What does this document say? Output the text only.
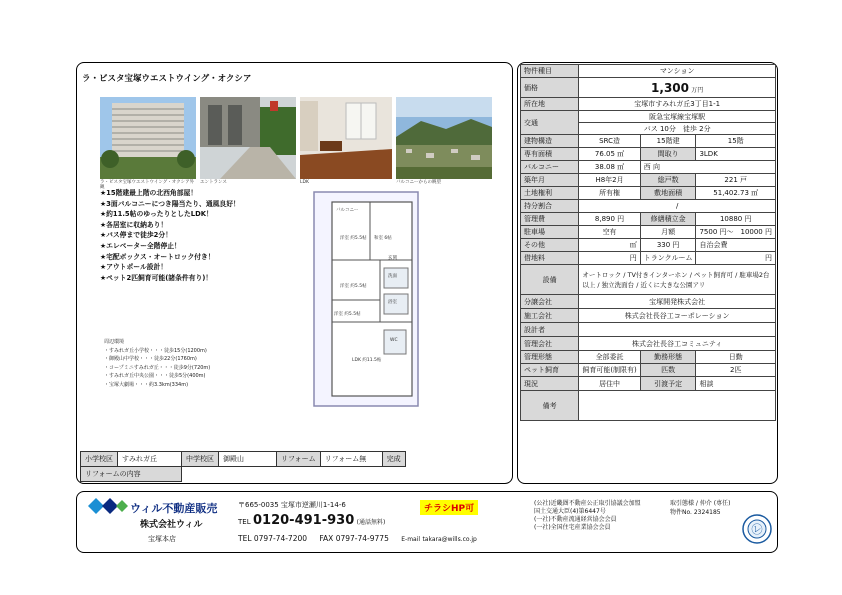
ラ・ビスタ宝塚ウエストウイング・オクシア
ラ・ビスタ宝塚ウエストウイング・オクシア外観
エントランス	LDK	バルコニーからの眺望
★15階建最上階の北西角部屋！
★3面バルコニーにつき陽当たり、通風良好！
★約11.5帖のゆったりとしたLDK！
★各居室に収納あり！
★バス停まで徒歩2分！
★エレベーター全階停止！
★宅配ボックス・オートロック付き！
★アウトポール設計！
★ペット2匹飼育可能(諸条件有り)！
周辺環境
・すみれガ丘小学校・・・徒歩15分(1200m)
・御殿山中学校・・・徒歩22分(1760m)
・コープミニすみれガ丘・・・徒歩9分(720m)
・すみれガ丘中央公園・・・徒歩5分(400m)
・宝塚大劇場・・・約3.3km(334m)
洋室 約5.5帖 和室 6帖
洋室 約5.5帖
LDK 約11.5帖
洋室 約5.5帖
バルコニー
玄関
洗面
浴室
WC
小学校区	すみれガ丘	中学校区	御殿山	リフォーム	リフォーム無	完成
リフォームの内容
物件種目	マンション		
価格	1,300 万円		
所在地	宝塚市すみれガ丘3丁目1-1		
交通	阪急宝塚線宝塚駅		
	バス 10分　 徒歩 2分		
建物構造	SRC造	15階建	15階
専有面積	76.05 ㎡	間取り	3LDK
バルコニー	38.08 ㎡	西 向	
築年月	H8年2月	総戸数	221 戸
土地権利	所有権	敷地面積	51,402.73 ㎡
持分割合	/		
管理費	8,890 円	修繕積立金	10880 円
駐車場	空有	月額	7500 円～　10000 円
その他	㎡	330 円	自治会費
借地料	円	トランクルーム	円
設備	オートロック / TV付きインターホン / ペット飼育可 / 駐車場2台以上 / 独立洗面台 / 近くに大きな公園アリ		
分譲会社	宝塚開発株式会社		
施工会社	株式会社長谷工コーポレーション		
設計者			
管理会社	株式会社長谷工コミュニティ		
管理形態	全部委託	勤務形態	日勤
ペット飼育	飼育可能(制限有)	匹数	2匹
現況	居住中	引渡予定	相談
備考			
ウィル不動産販売
株式会社ウィル
宝塚本店
〒665-0035 宝塚市逆瀬川1-14-6	チラシHP可
TEL 0120-491-930 (通話無料)
TEL 0797-74-7200 FAX 0797-74-9775 E-mail takara@wills.co.jp
(公社)近畿圏不動産公正取引協議会加盟
国土交通大臣(4)第6447号
(一社)不動産流通経営協会会員
(一社)全国住宅産業協会会員
取引態様 / 仲介 (専任)
物件No. 2324185
㋹
